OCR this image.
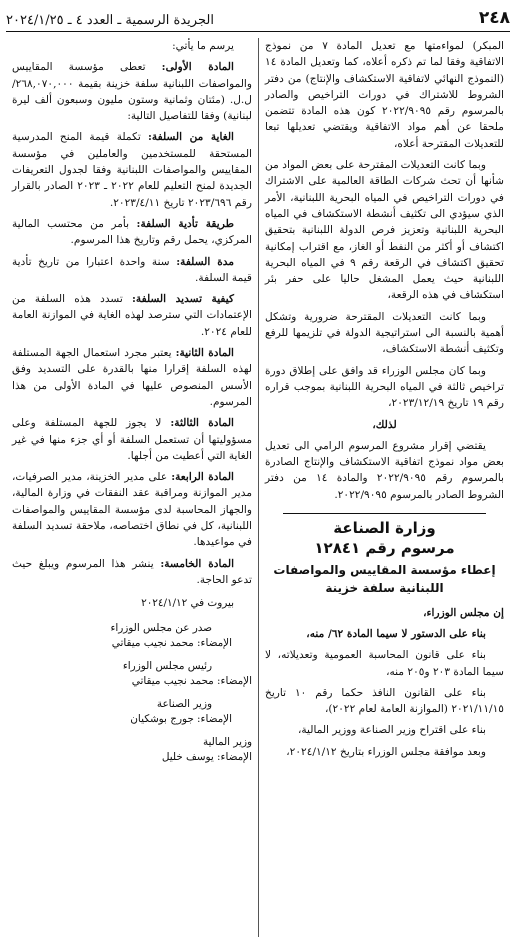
٢٤٨
الجريدة الرسمية ـ العدد ٤ ـ ٢٠٢٤/١/٢٥

المبكر) لمواءمتها مع تعديل المادة ٧ من نموذج الاتفاقية وفقا لما تم ذكره أعلاه، كما وتعديل المادة ١٤ (النموذج النهائي لاتفاقية الاستكشاف والإنتاج) من دفتر الشروط للاشتراك في دورات التراخيص والصادر بالمرسوم رقم ٢٠٢٢/٩٠٩٥ كون هذه المادة تتضمن ملحقا عن أهم مواد الاتفاقية ويقتضي تعديلها تبعا للتعديلات المقترحة أعلاه،

وبما كانت التعديلات المقترحة على بعض المواد من شأنها أن تحث شركات الطاقة العالمية على الاشتراك في دورات التراخيص في المياه البحرية اللبنانية، الأمر الذي سيؤدي الى تكثيف أنشطة الاستكشاف في المياه البحرية اللبنانية وتعزيز فرص الدولة اللبنانية بتحقيق اكتشاف أو أكثر من النفط أو الغاز، مع اقتراب إمكانية تحقيق اكتشاف في الرقعة رقم ٩ في المياه البحرية اللبنانية حيث يعمل المشغل حاليا على حفر بئر استكشاف في هذه الرقعة،

وبما كانت التعديلات المقترحة ضرورية وتشكل أهمية بالنسبة الى استراتيجية الدولة في تلزيمها للرفع وتكثيف أنشطة الاستكشاف،

وبما كان مجلس الوزراء قد وافق على إطلاق دورة تراخيص ثالثة في المياه البحرية اللبنانية بموجب قراره رقم ١٩ تاريخ ٢٠٢٣/١٢/١٩،

لذلك،

يقتضي إقرار مشروع المرسوم الرامي الى تعديل بعض مواد نموذج اتفاقية الاستكشاف والإنتاج الصادرة بالمرسوم رقم ٢٠٢٢/٩٠٩٥ والمادة ١٤ من دفتر الشروط الصادر بالمرسوم ٢٠٢٢/٩٠٩٥.

وزارة الصناعة
مرسوم رقم ١٢٨٤١
إعطاء مؤسسة المقاييس والمواصفات اللبنانية سلفة خزينة

إن مجلس الوزراء،

بناء على الدستور لا سيما المادة ٦٢/ منه،

بناء على قانون المحاسبة العمومية وتعديلاته، لا سيما المادة ٢٠٣ و٢٠٥ منه،

بناء على القانون النافذ حكما رقم ١٠ تاريخ ٢٠٢١/١١/١٥ (الموازنة العامة لعام ٢٠٢٢)،

بناء على اقتراح وزير الصناعة ووزير المالية،

وبعد موافقة مجلس الوزراء بتاريخ ٢٠٢٤/١/١٢،

يرسم ما يأتي:

المادة الأولى: تعطى مؤسسة المقاييس والمواصفات اللبنانية سلفة خزينة بقيمة ٢٦٨,٠٧٠,٠٠٠/ل.ل. (مئتان وثمانية وستون مليون وسبعون ألف ليرة لبنانية) وفقا للتفاصيل التالية:

الغاية من السلفة: تكملة قيمة المنح المدرسية المستحقة للمستخدمين والعاملين في مؤسسة المقاييس والمواصفات اللبنانية وفقا لجدول التعريفات الجديدة لمنح التعليم للعام ٢٠٢٢ ـ ٢٠٢٣ الصادر بالقرار رقم ٢٠٢٣/٦٩٦ تاريخ ٢٠٢٣/٤/١١.

طريقة تأدية السلفة: بأمر من محتسب المالية المركزي، يحمل رقم وتاريخ هذا المرسوم.

مدة السلفة: سنة واحدة اعتبارا من تاريخ تأدية قيمة السلفة.

كيفية تسديد السلفة: تسدد هذه السلفة من الإعتمادات التي سترصد لهذه الغاية في الموازنة العامة للعام ٢٠٢٤.

المادة الثانية: يعتبر مجرد استعمال الجهة المستلفة لهذه السلفة إقرارا منها بالقدرة على التسديد وفق الأسس المنصوص عليها في المادة الأولى من هذا المرسوم.

المادة الثالثة: لا يجوز للجهة المستلفة وعلى مسؤوليتها أن تستعمل السلفة أو أي جزء منها في غير الغاية التي أعطيت من أجلها.

المادة الرابعة: على مدير الخزينة، مدير الصرفيات، مدير الموازنة ومراقبة عقد النفقات في وزارة المالية، والجهاز المحاسبة لدى مؤسسة المقاييس والمواصفات اللبنانية، كل في نطاق اختصاصه، ملاحقة تسديد السلفة في مواعيدها.

المادة الخامسة: ينشر هذا المرسوم ويبلغ حيث تدعو الحاجة.

بيروت في ٢٠٢٤/١/١٢
صدر عن مجلس الوزراء
الإمضاء: محمد نجيب ميقاتي
رئيس مجلس الوزراء
الإمضاء: محمد نجيب ميقاتي
وزير الصناعة
الإمضاء: جورج بوشكيان
وزير المالية
الإمضاء: يوسف خليل
